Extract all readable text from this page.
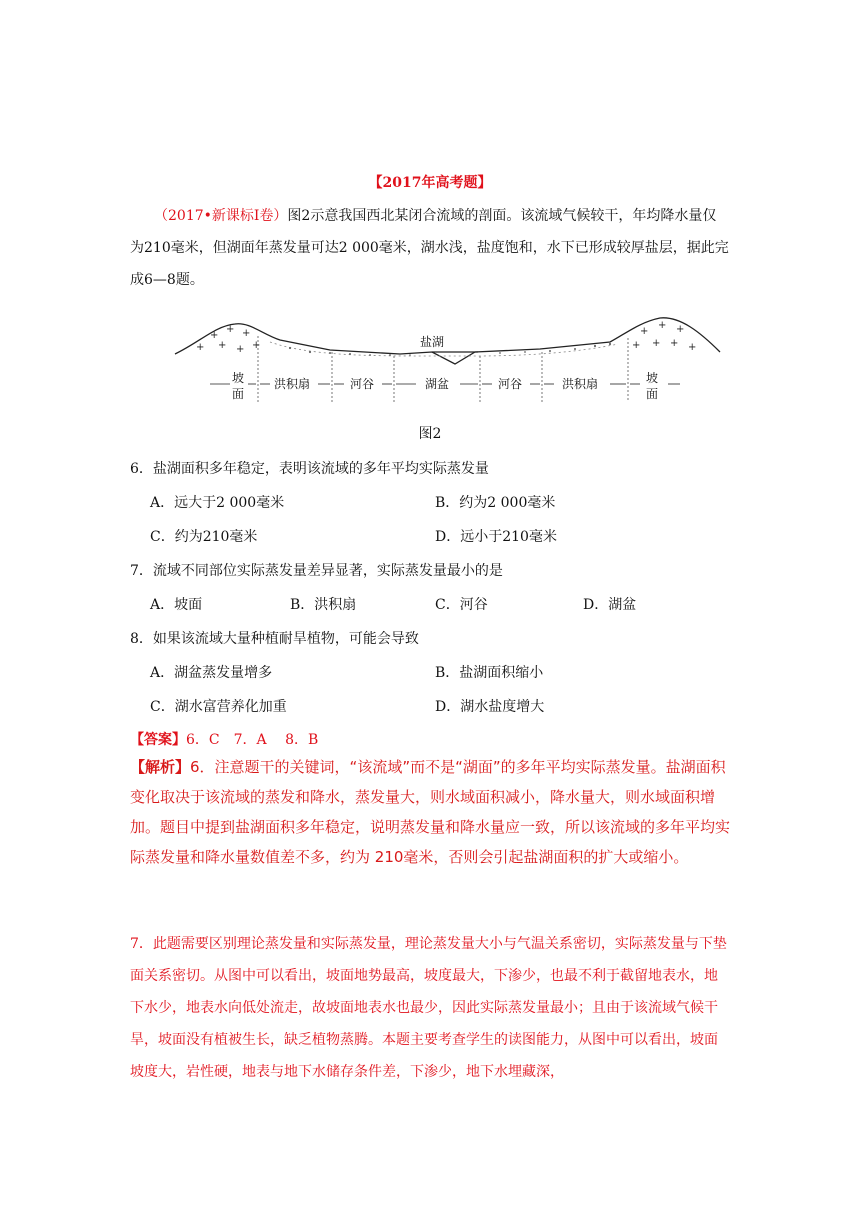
【2017年高考题】
（2017•新课标Ⅰ卷）图2示意我国西北某闭合流域的剖面。该流域气候较干，年均降水量仅为210毫米，但湖面年蒸发量可达2 000毫米，湖水浅，盐度饱和，水下已形成较厚盐层，据此完成6—8题。
+
+ +
+ + + +
+
+ +
+ + + +
盐湖
坡
面
洪积扇	河谷	湖盆	河谷	洪积扇	坡
面
图2
6．盐湖面积多年稳定，表明该流域的多年平均实际蒸发量
A．远大于2 000毫米	B．约为2 000毫米
C．约为210毫米	D．远小于210毫米
7．流域不同部位实际蒸发量差异显著，实际蒸发量最小的是
A．坡面	B．洪积扇	C．河谷	D．湖盆
8．如果该流域大量种植耐旱植物，可能会导致
A．湖盆蒸发量增多	B．盐湖面积缩小
C．湖水富营养化加重	D．湖水盐度增大
【答案】6．C　7．A　 8．B
【解析】6．注意题干的关键词，“该流域”而不是“湖面”的多年平均实际蒸发量。盐湖面积变化取决于该流域的蒸发和降水，蒸发量大，则水域面积减小，降水量大，则水域面积增加。题目中提到盐湖面积多年稳定，说明蒸发量和降水量应一致，所以该流域的多年平均实际蒸发量和降水量数值差不多，约为 210毫米，否则会引起盐湖面积的扩大或缩小。
7．此题需要区别理论蒸发量和实际蒸发量，理论蒸发量大小与气温关系密切，实际蒸发量与下垫面关系密切。从图中可以看出，坡面地势最高，坡度最大，下渗少，也最不利于截留地表水，地下水少，地表水向低处流走，故坡面地表水也最少，因此实际蒸发量最小；且由于该流域气候干旱，坡面没有植被生长，缺乏植物蒸腾。本题主要考查学生的读图能力，从图中可以看出，坡面坡度大，岩性硬，地表与地下水储存条件差，下渗少，地下水埋藏深，
